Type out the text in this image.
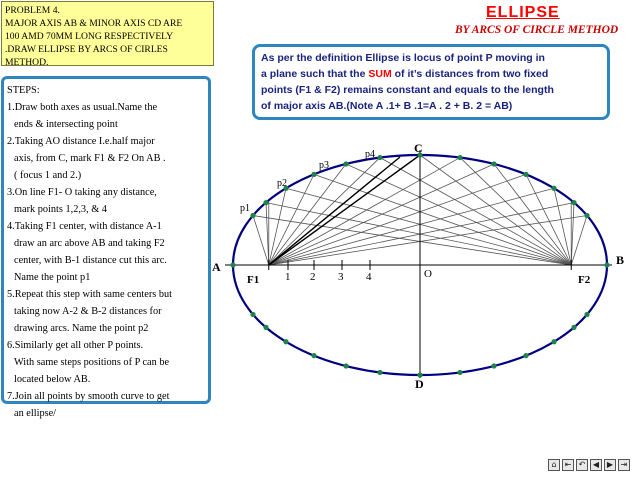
PROBLEM 4.
MAJOR AXIS AB & MINOR AXIS CD ARE
100 AMD 70MM LONG RESPECTIVELY
.DRAW ELLIPSE BY ARCS OF CIRLES
METHOD.
ELLIPSE
BY ARCS OF CIRCLE METHOD
As per the definition Ellipse is locus of point P moving in
a plane such that the SUM of it’s distances from two fixed
points (F1 & F2) remains constant and equals to the length
of major axis AB.(Note A .1+ B .1=A . 2 + B. 2 = AB)
STEPS:
1.Draw both axes as usual.Name the
ends & intersecting point
2.Taking AO distance I.e.half major
axis, from C, mark F1 & F2 On AB .
( focus 1 and 2.)
3.On line F1- O taking any distance,
mark points 1,2,3, & 4
4.Taking F1 center, with distance A-1
draw an arc above AB and taking F2
center, with B-1 distance cut this arc.
Name the point p1
5.Repeat this step with same centers but
taking now A-2 & B-2 distances for
drawing arcs. Name the point p2
6.Similarly get all other P points.
With same steps positions of P can be
located below AB.
7.Join all points by smooth curve to get
an ellipse/
A	B
C
D
O
F1	F2
1 2 3 4
p1
p2
p3
p4
⌂	⇤ ↶ ◀ ▶ ⇥
